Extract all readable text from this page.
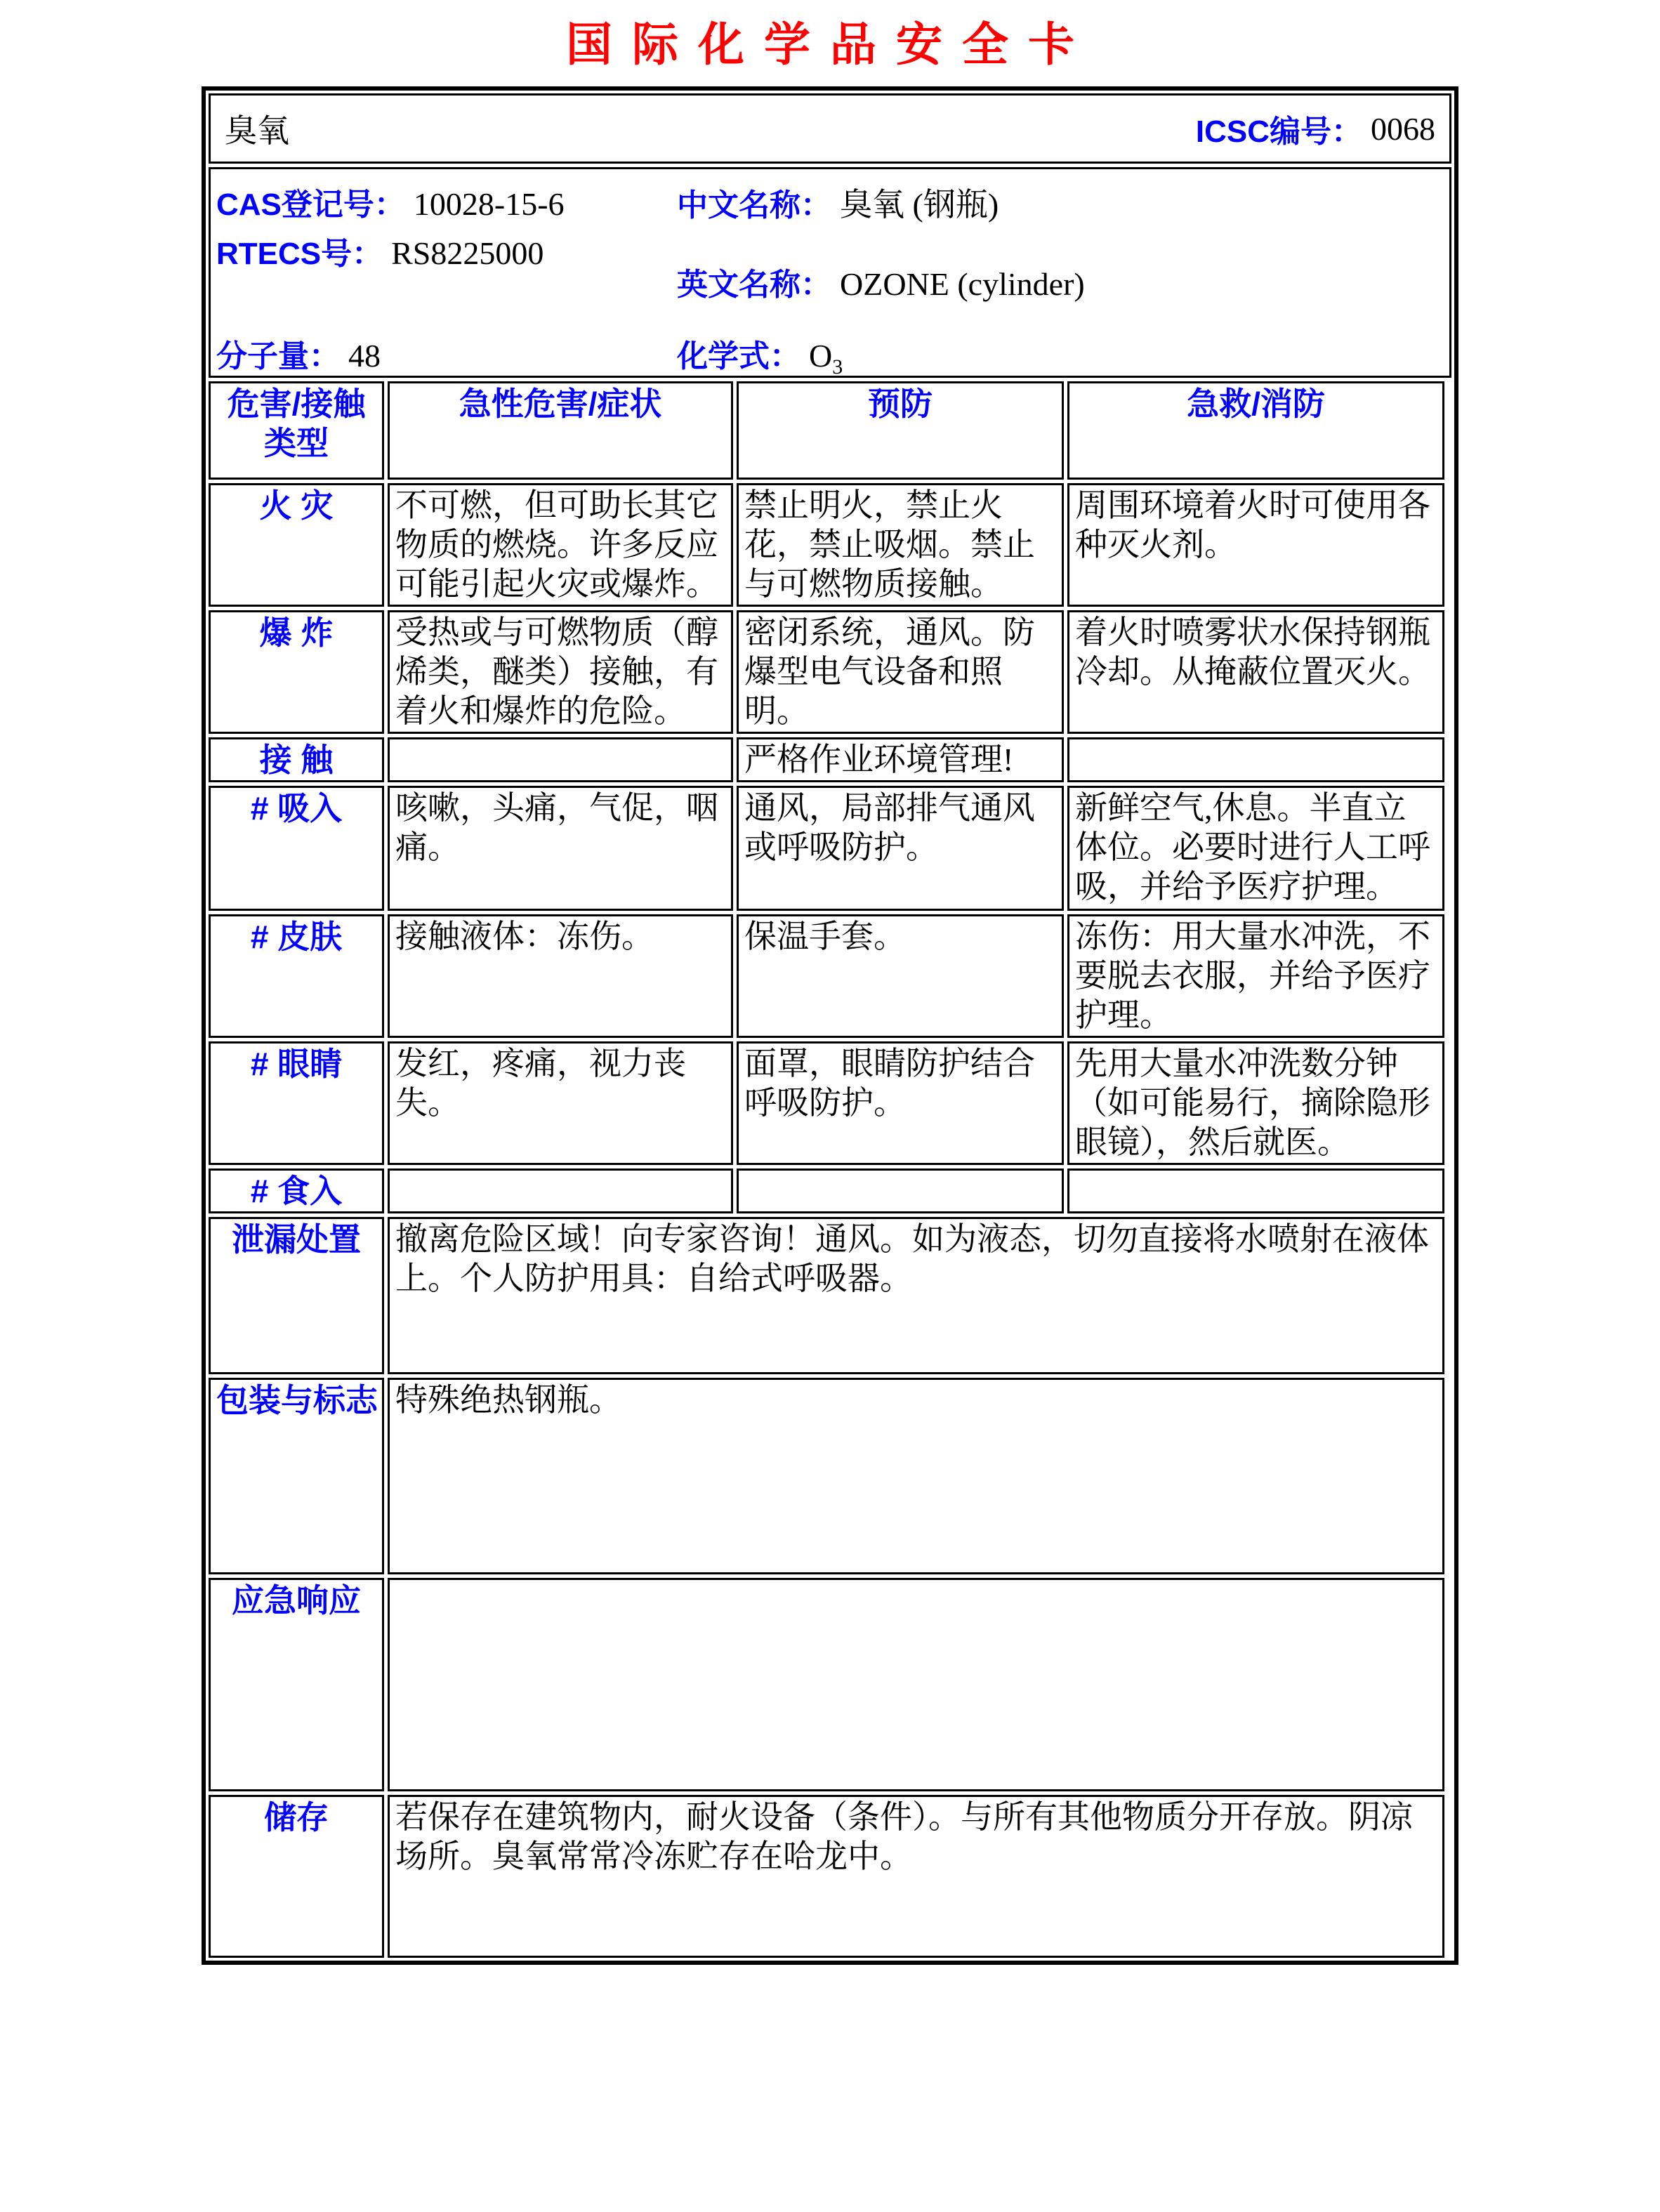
国际化学品安全卡
臭氧	ICSC编号： 0068
CAS登记号： 10028-15-6
RTECS号： RS8225000
分子量： 48
中文名称： 臭氧 (钢瓶)
英文名称： OZONE (cylinder)
化学式： $O_3$
危害/接触
类型	急性危害/症状	预防	急救/消防
火 灾	不可燃，但可助长其它物质的燃烧。许多反应可能引起火灾或爆炸。	禁止明火，禁止火花，禁止吸烟。禁止与可燃物质接触。	周围环境着火时可使用各种灭火剂。
爆 炸	受热或与可燃物质（醇烯类，醚类）接触，有着火和爆炸的危险。	密闭系统，通风。防爆型电气设备和照明。	着火时喷雾状水保持钢瓶冷却。从掩蔽位置灭火。
接 触		严格作业环境管理!	
# 吸入	咳嗽，头痛，气促，咽痛。	通风，局部排气通风或呼吸防护。	新鲜空气,休息。半直立体位。必要时进行人工呼吸，并给予医疗护理。
# 皮肤	接触液体：冻伤。	保温手套。	冻伤：用大量水冲洗，不要脱去衣服，并给予医疗护理。
# 眼睛	发红，疼痛，视力丧失。	面罩，眼睛防护结合呼吸防护。	先用大量水冲洗数分钟（如可能易行，摘除隐形眼镜），然后就医。
# 食入			
泄漏处置	撤离危险区域！向专家咨询！通风。如为液态，切勿直接将水喷射在液体上。个人防护用具：自给式呼吸器。		
包装与标志	特殊绝热钢瓶。		
应急响应			
储存	若保存在建筑物内，耐火设备（条件）。与所有其他物质分开存放。阴凉场所。臭氧常常冷冻贮存在哈龙中。		
